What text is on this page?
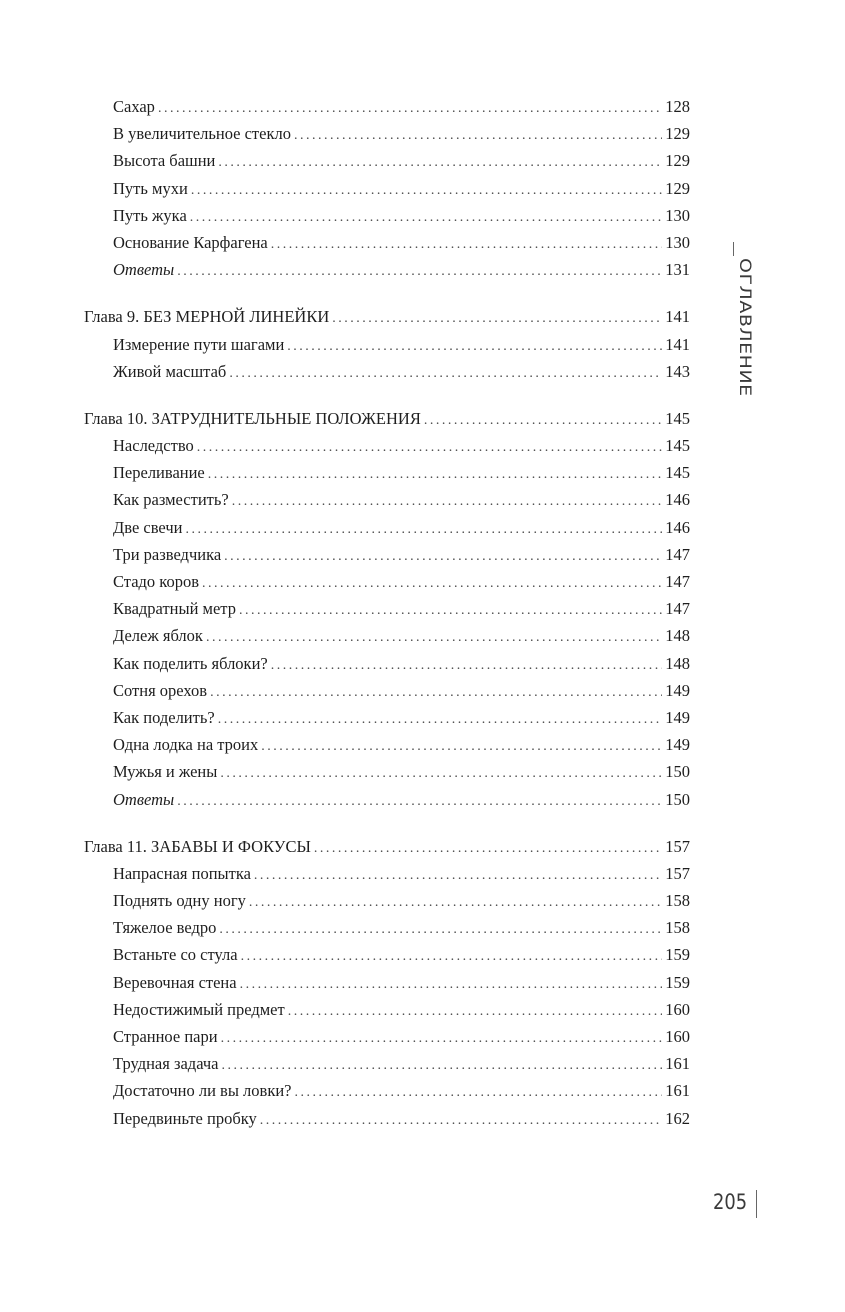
Сахар . . .	128
В увеличительное стекло . . .	129
Высота башни . . .	129
Путь мухи . . .	129
Путь жука . . .	130
Основание Карфагена . . .	130
Ответы . . .	131
Глава 9. БЕЗ МЕРНОЙ ЛИНЕЙКИ . . .	141
Измерение пути шагами . . .	141
Живой масштаб . . .	143
Глава 10. ЗАТРУДНИТЕЛЬНЫЕ ПОЛОЖЕНИЯ . . .	145
Наследство . . .	145
Переливание . . .	145
Как разместить? . . .	146
Две свечи . . .	146
Три разведчика . . .	147
Стадо коров . . .	147
Квадратный метр . . .	147
Дележ яблок . . .	148
Как поделить яблоки? . . .	148
Сотня орехов . . .	149
Как поделить? . . .	149
Одна лодка на троих . . .	149
Мужья и жены . . .	150
Ответы . . .	150
Глава 11. ЗАБАВЫ И ФОКУСЫ . . .	157
Напрасная попытка . . .	157
Поднять одну ногу . . .	158
Тяжелое ведро . . .	158
Встаньте со стула . . .	159
Веревочная стена . . .	159
Недостижимый предмет . . .	160
Странное пари . . .	160
Трудная задача . . .	161
Достаточно ли вы ловки? . . .	161
Передвиньте пробку . . .	162
ОГЛАВЛЕНИЕ
205
